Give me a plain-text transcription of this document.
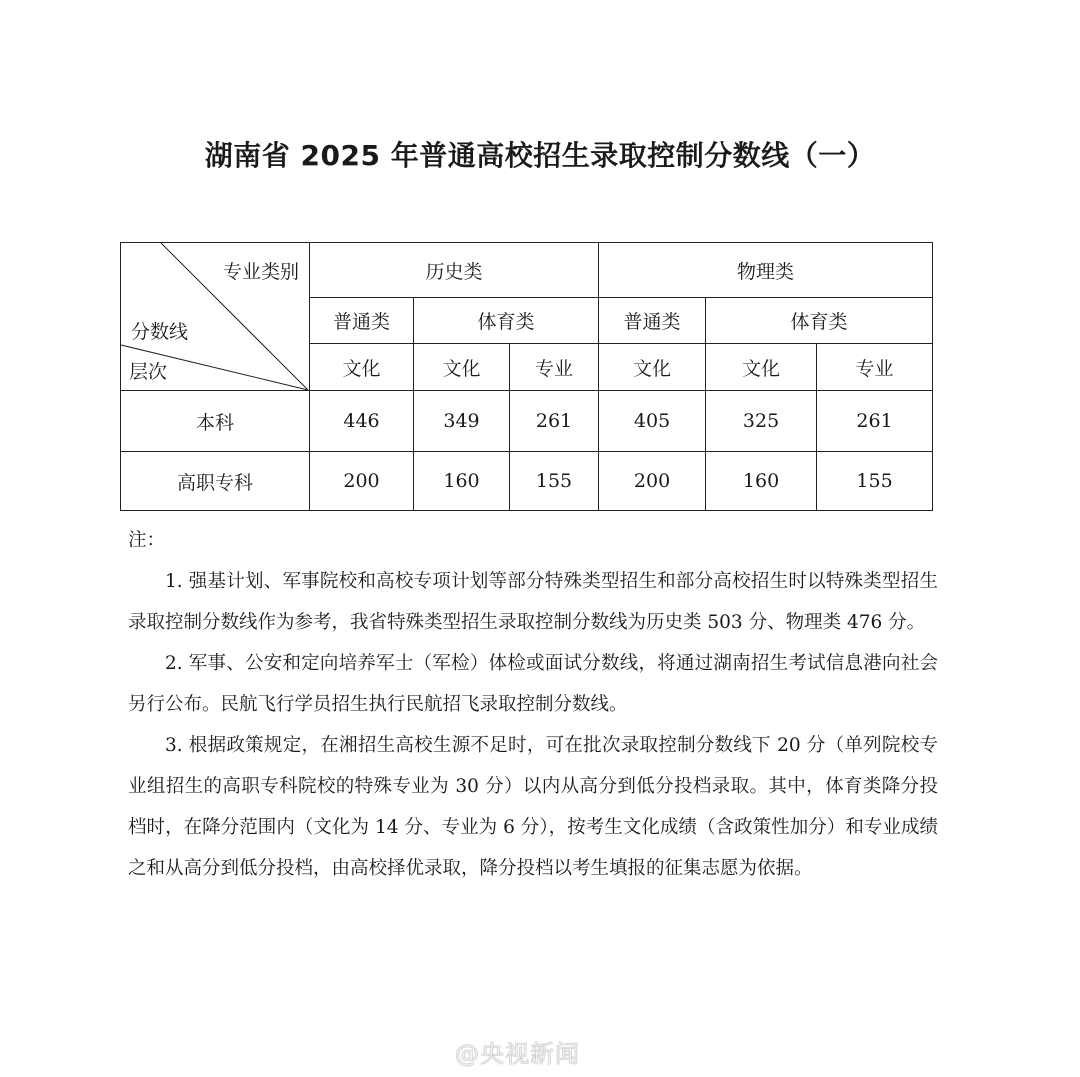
湖南省 2025 年普通高校招生录取控制分数线（一）
专业类别
分数线
层次	历史类			物理类		
	普通类	体育类		普通类	体育类	
	文化	文化	专业	文化	文化	专业
本科	446	349	261	405	325	261
高职专科	200	160	155	200	160	155

注：

1. 强基计划、军事院校和高校专项计划等部分特殊类型招生和部分高校招生时以特殊类型招生录取控制分数线作为参考，我省特殊类型招生录取控制分数线为历史类 503 分、物理类 476 分。

2. 军事、公安和定向培养军士（军检）体检或面试分数线，将通过湖南招生考试信息港向社会另行公布。民航飞行学员招生执行民航招飞录取控制分数线。

3. 根据政策规定，在湘招生高校生源不足时，可在批次录取控制分数线下 20 分（单列院校专业组招生的高职专科院校的特殊专业为 30 分）以内从高分到低分投档录取。其中，体育类降分投档时，在降分范围内（文化为 14 分、专业为 6 分），按考生文化成绩（含政策性加分）和专业成绩之和从高分到低分投档，由高校择优录取，降分投档以考生填报的征集志愿为依据。

@央视新闻
